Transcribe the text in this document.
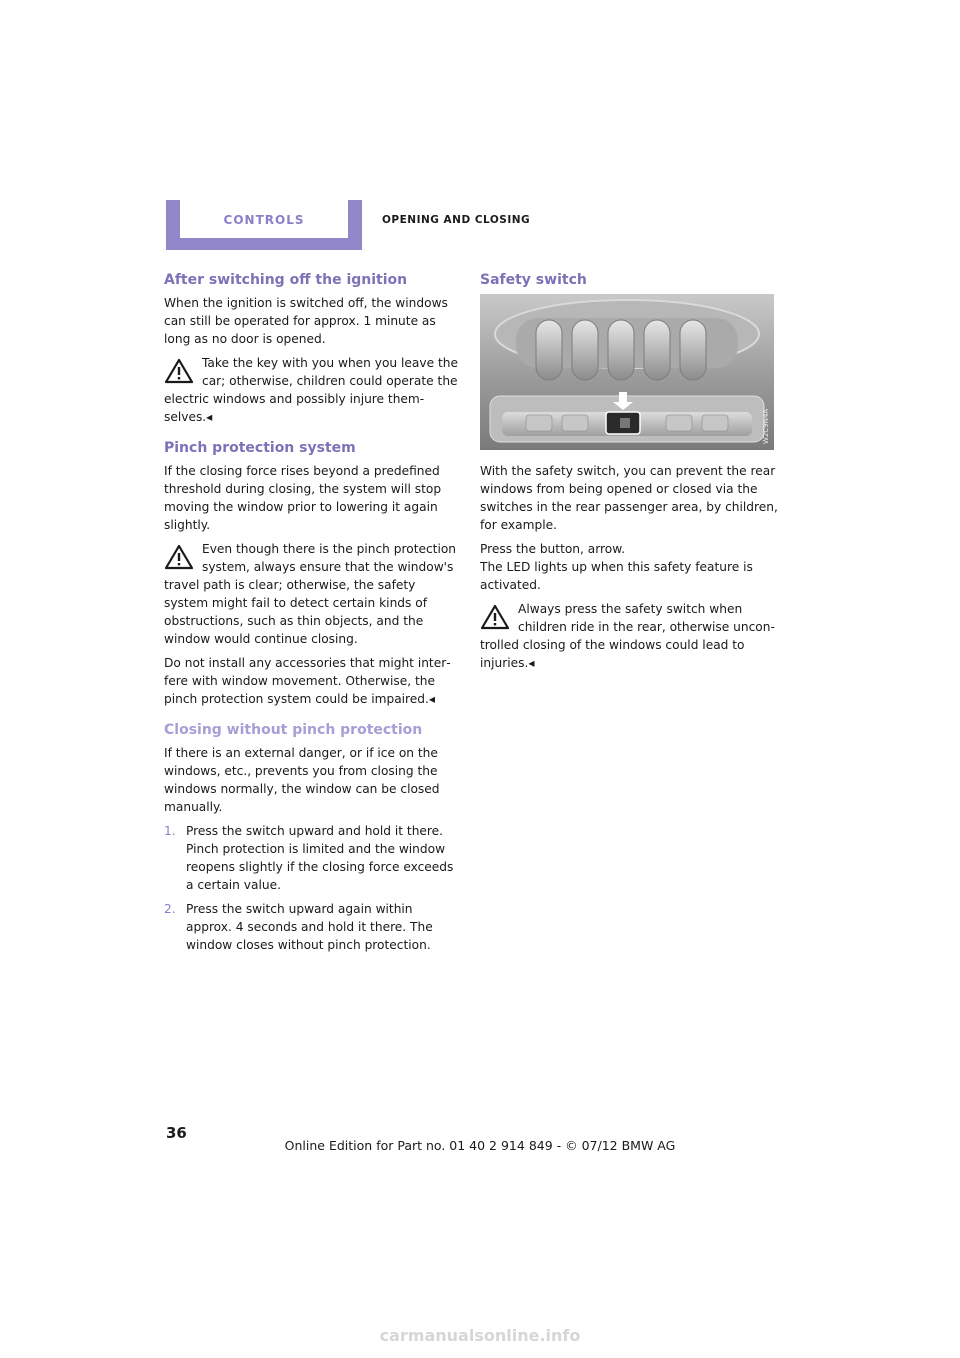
CONTROLS	OPENING AND CLOSING
After switching off the ignition

When the ignition is switched off, the windows can still be operated for approx. 1 minute as long as no door is opened.

Take the key with you when you leave the car; otherwise, children could operate the electric windows and possibly injure themselves.◂

Pinch protection system

If the closing force rises beyond a predefined threshold during closing, the system will stop moving the window prior to lowering it again slightly.

Even though there is the pinch protection system, always ensure that the window's travel path is clear; otherwise, the safety system might fail to detect certain kinds of obstructions, such as thin objects, and the window would continue closing.

Do not install any accessories that might interfere with window movement. Otherwise, the pinch protection system could be impaired.◂

Closing without pinch protection

If there is an external danger, or if ice on the windows, etc., prevents you from closing the windows normally, the window can be closed manually.

1. Press the switch upward and hold it there. Pinch protection is limited and the window reopens slightly if the closing force exceeds a certain value.
2. Press the switch upward again within approx. 4 seconds and hold it there. The window closes without pinch protection.
Safety switch
W2C9N4A

With the safety switch, you can prevent the rear windows from being opened or closed via the switches in the rear passenger area, by children, for example.

Press the button, arrow.

The LED lights up when this safety feature is activated.

Always press the safety switch when children ride in the rear, otherwise uncontrolled closing of the windows could lead to injuries.◂

36
Online Edition for Part no. 01 40 2 914 849 - © 07/12 BMW AG
carmanualsonline.info
